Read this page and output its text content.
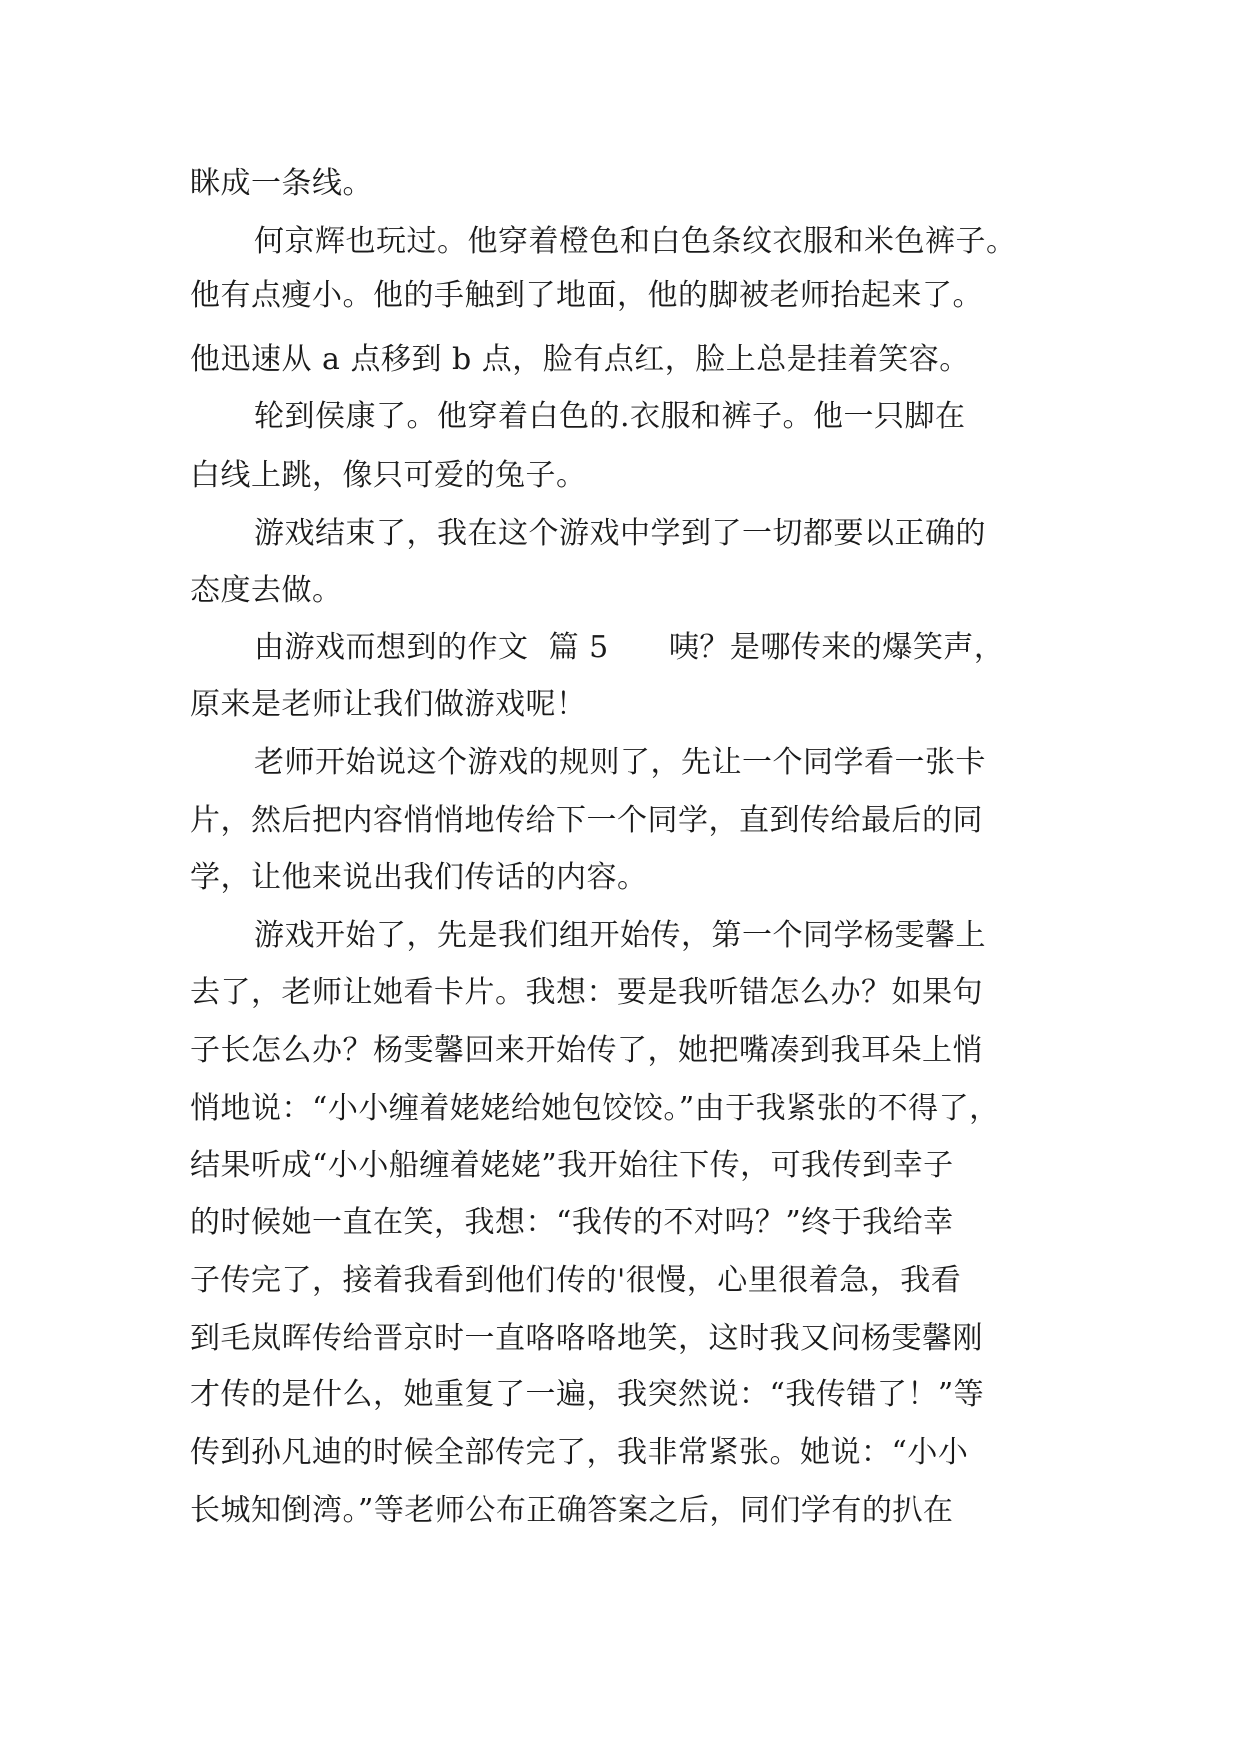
眯成一条线。
何京辉也玩过。他穿着橙色和白色条纹衣服和米色裤子。
他有点瘦小。他的手触到了地面，他的脚被老师抬起来了。
他迅速从 a 点移到 b 点，脸有点红，脸上总是挂着笑容。
轮到侯康了。他穿着白色的.衣服和裤子。他一只脚在
白线上跳，像只可爱的兔子。
游戏结束了，我在这个游戏中学到了一切都要以正确的
态度去做。
由游戏而想到的作文  篇 5      咦？是哪传来的爆笑声，
原来是老师让我们做游戏呢！
老师开始说这个游戏的规则了，先让一个同学看一张卡
片，然后把内容悄悄地传给下一个同学，直到传给最后的同
学，让他来说出我们传话的内容。
游戏开始了，先是我们组开始传，第一个同学杨雯馨上
去了，老师让她看卡片。我想：要是我听错怎么办？如果句
子长怎么办？杨雯馨回来开始传了，她把嘴凑到我耳朵上悄
悄地说：“小小缠着姥姥给她包饺饺。”由于我紧张的不得了，
结果听成“小小船缠着姥姥”我开始往下传，可我传到幸子
的时候她一直在笑，我想：“我传的不对吗？”终于我给幸
子传完了，接着我看到他们传的'很慢，心里很着急，我看
到毛岚晖传给晋京时一直咯咯咯地笑，这时我又问杨雯馨刚
才传的是什么，她重复了一遍，我突然说：“我传错了！”等
传到孙凡迪的时候全部传完了，我非常紧张。她说：“小小
长城知倒湾。”等老师公布正确答案之后，同们学有的扒在
